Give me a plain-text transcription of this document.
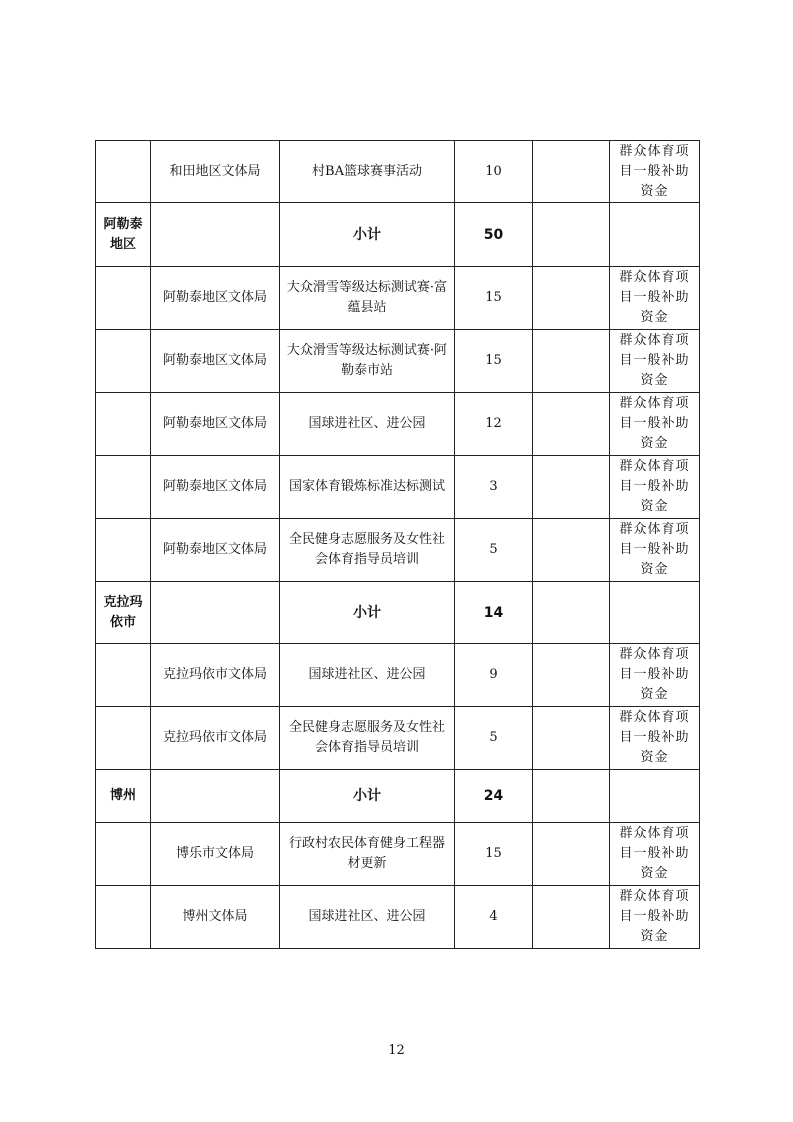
	和田地区文体局	村BA篮球赛事活动	10		群众体育项目一般补助资金
阿勒泰地区		小计	50		
	阿勒泰地区文体局	大众滑雪等级达标测试赛·富蕴县站	15		群众体育项目一般补助资金
	阿勒泰地区文体局	大众滑雪等级达标测试赛·阿勒泰市站	15		群众体育项目一般补助资金
	阿勒泰地区文体局	国球进社区、进公园	12		群众体育项目一般补助资金
	阿勒泰地区文体局	国家体育锻炼标准达标测试	3		群众体育项目一般补助资金
	阿勒泰地区文体局	全民健身志愿服务及女性社会体育指导员培训	5		群众体育项目一般补助资金
克拉玛依市		小计	14		
	克拉玛依市文体局	国球进社区、进公园	9		群众体育项目一般补助资金
	克拉玛依市文体局	全民健身志愿服务及女性社会体育指导员培训	5		群众体育项目一般补助资金
博州		小计	24		
	博乐市文体局	行政村农民体育健身工程器材更新	15		群众体育项目一般补助资金
	博州文体局	国球进社区、进公园	4		群众体育项目一般补助资金
12
